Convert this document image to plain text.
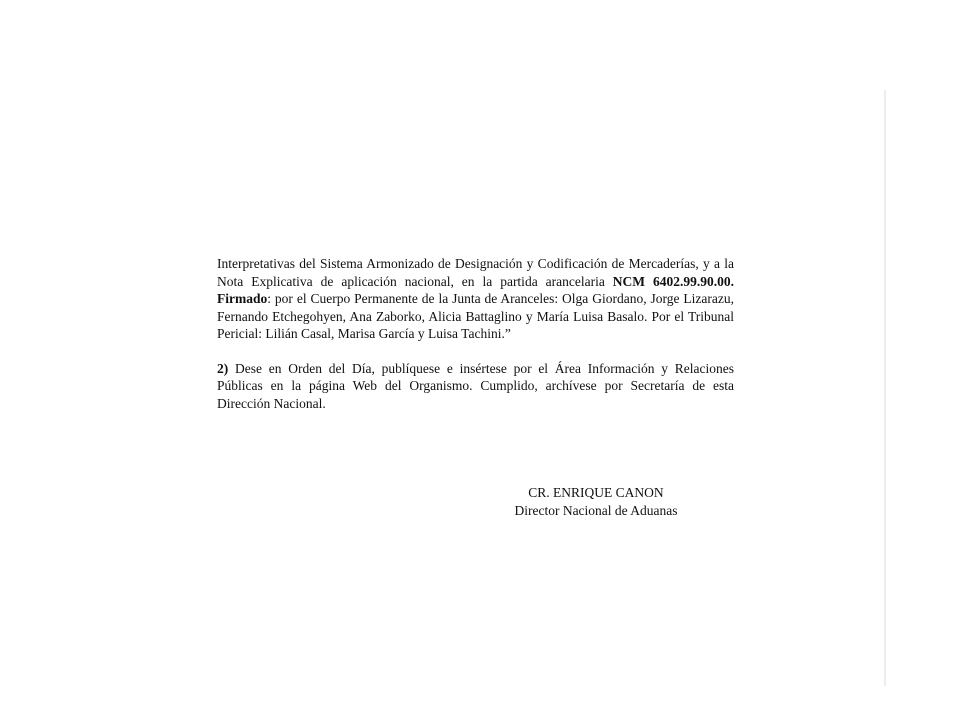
Interpretativas del Sistema Armonizado de Designación y Codificación de Mercaderías, y a la Nota Explicativa de aplicación nacional, en la partida arancelaria NCM 6402.99.90.00. Firmado: por el Cuerpo Permanente de la Junta de Aranceles: Olga Giordano, Jorge Lizarazu, Fernando Etchegohyen, Ana Zaborko, Alicia Battaglino y María Luisa Basalo. Por el Tribunal Pericial: Lilián Casal, Marisa García y Luisa Tachini.”

2) Dese en Orden del Día, publíquese e insértese por el Área Información y Relaciones Públicas en la página Web del Organismo. Cumplido, archívese por Secretaría de esta Dirección Nacional.

CR. ENRIQUE CANON
Director Nacional de Aduanas
